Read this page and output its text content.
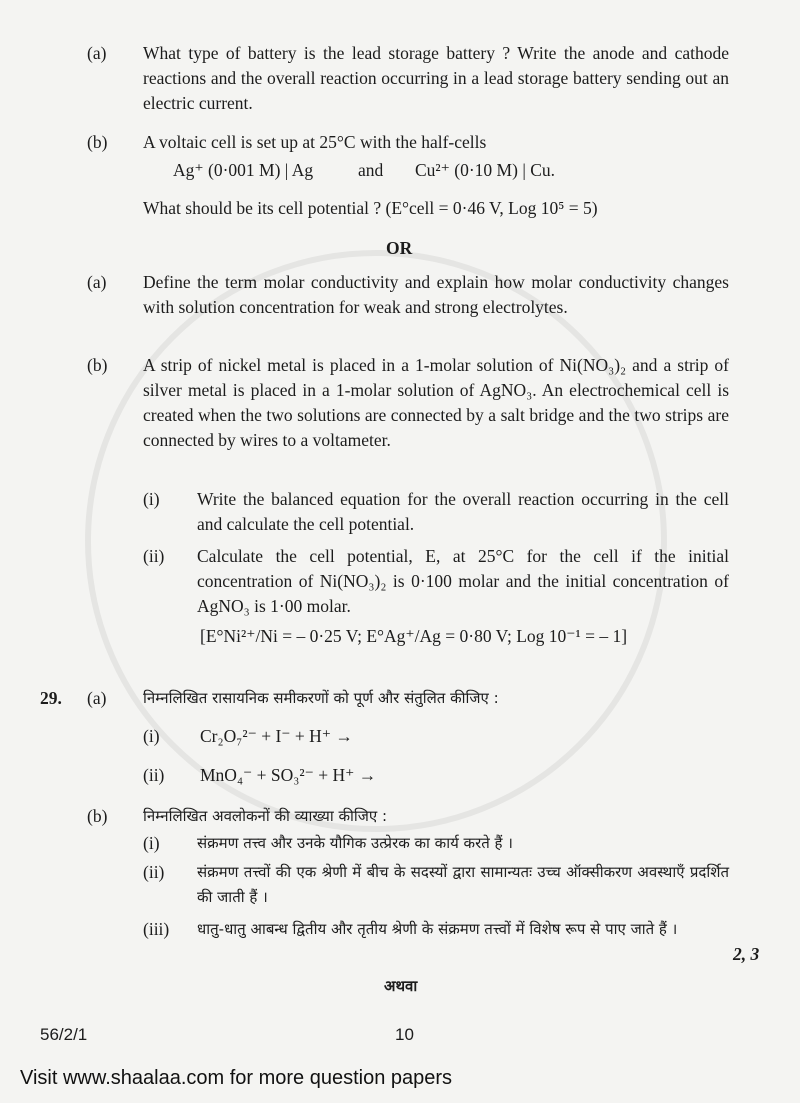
(a) What type of battery is the lead storage battery ? Write the anode and cathode reactions and the overall reaction occurring in a lead storage battery sending out an electric current.
(b) A voltaic cell is set up at 25°C with the half-cells
Ag⁺ (0·001 M) | Ag	and Cu²⁺ (0·10 M) | Cu.
What should be its cell potential ? (E°cell = 0·46 V, Log 10⁵ = 5)
OR
(a) Define the term molar conductivity and explain how molar conductivity changes with solution concentration for weak and strong electrolytes.
(b) A strip of nickel metal is placed in a 1-molar solution of Ni(NO₃)₂ and a strip of silver metal is placed in a 1-molar solution of AgNO₃. An electrochemical cell is created when the two solutions are connected by a salt bridge and the two strips are connected by wires to a voltameter.
(i) Write the balanced equation for the overall reaction occurring in the cell and calculate the cell potential.
(ii) Calculate the cell potential, E, at 25°C for the cell if the initial concentration of Ni(NO₃)₂ is 0·100 molar and the initial concentration of AgNO₃ is 1·00 molar.
[E°Ni²⁺/Ni = – 0·25 V; E°Ag⁺/Ag = 0·80 V; Log 10⁻¹ = – 1]
29. (a) निम्नलिखित रासायनिक समीकरणों को पूर्ण और संतुलित कीजिए :
(i) Cr₂O₇²⁻ + I⁻ + H⁺ →
(ii) MnO₄⁻ + SO₃²⁻ + H⁺ →
(b) निम्नलिखित अवलोकनों की व्याख्या कीजिए :
(i) संक्रमण तत्त्व और उनके यौगिक उत्प्रेरक का कार्य करते हैं ।
(ii) संक्रमण तत्त्वों की एक श्रेणी में बीच के सदस्यों द्वारा सामान्यतः उच्च ऑक्सीकरण अवस्थाएँ प्रदर्शित की जाती हैं ।
(iii) धातु-धातु आबन्ध द्वितीय और तृतीय श्रेणी के संक्रमण तत्त्वों में विशेष रूप से पाए जाते हैं ।
2, 3
अथवा
56/2/1	10
Visit www.shaalaa.com for more question papers
